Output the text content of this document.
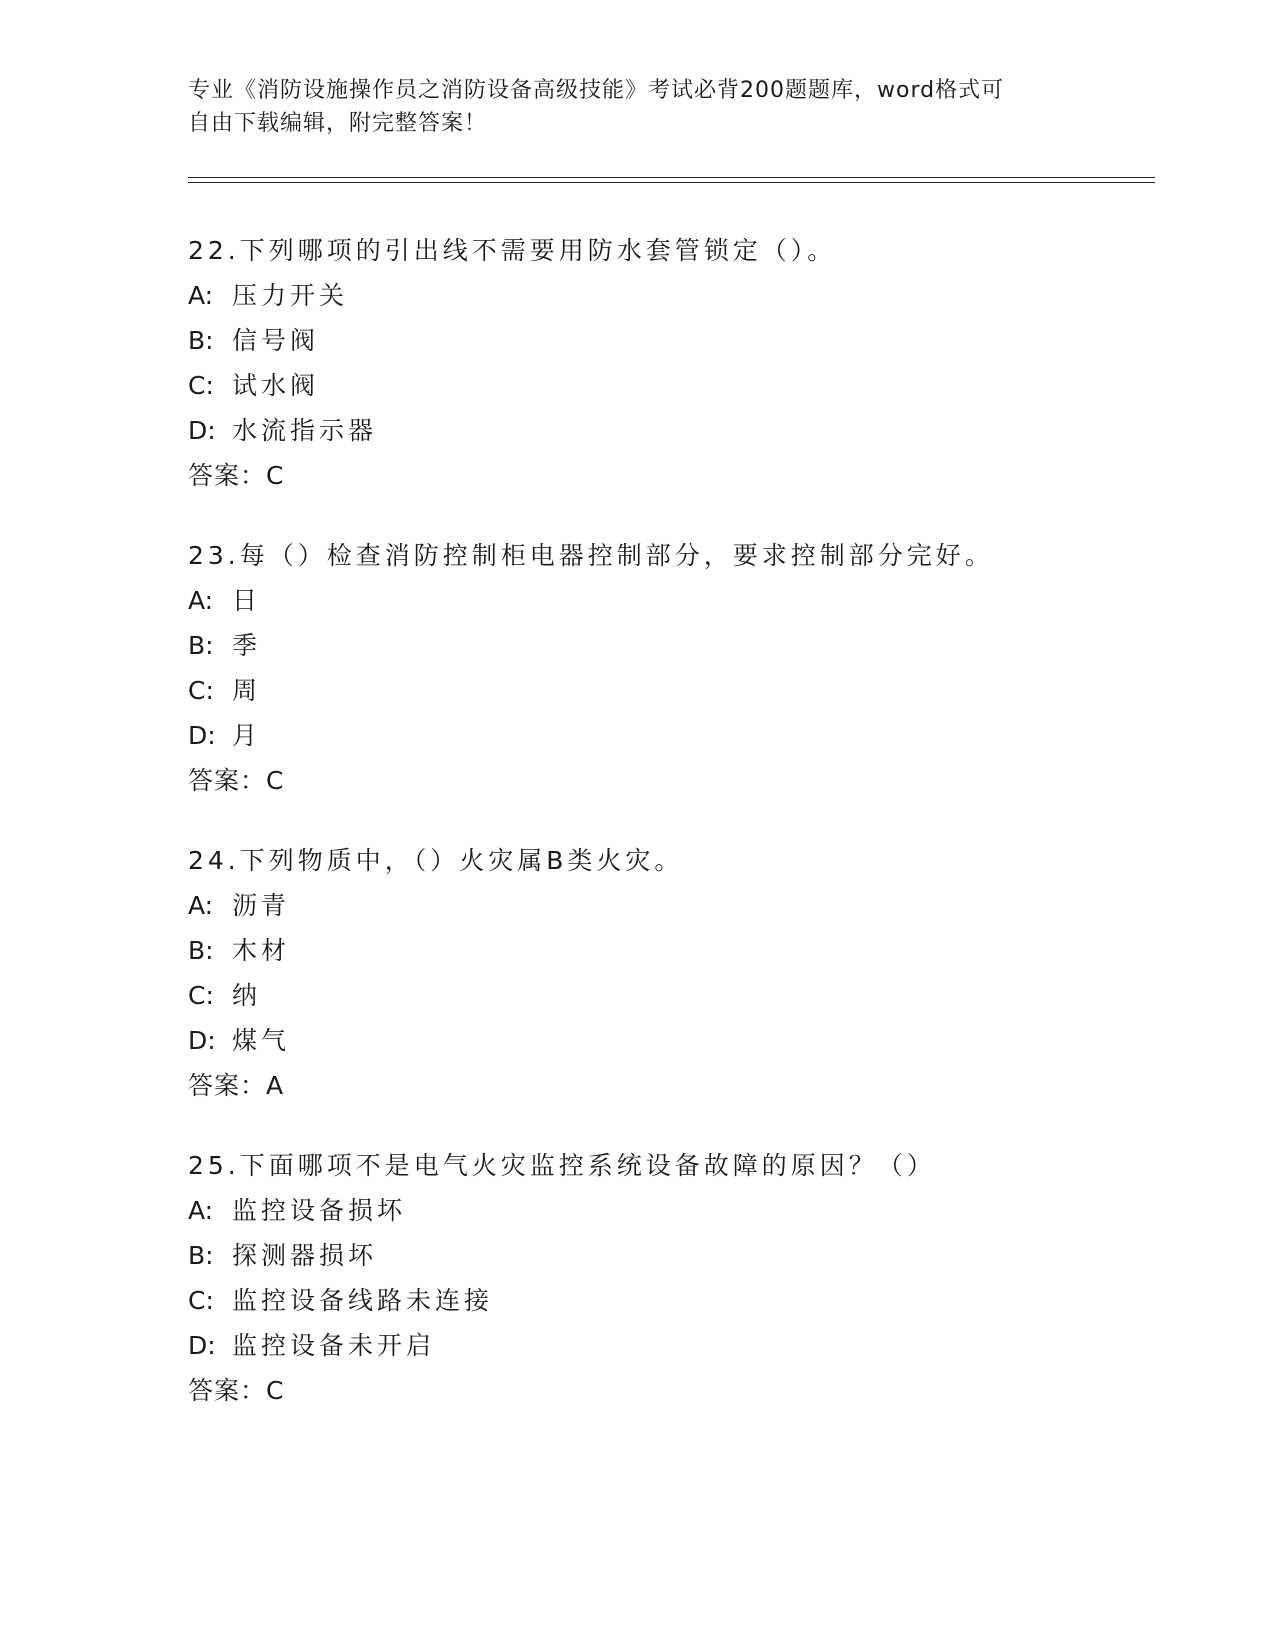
专业《消防设施操作员之消防设备高级技能》考试必背200题题库，word格式可
自由下载编辑，附完整答案！
22.下列哪项的引出线不需要用防水套管锁定（）。
A: 压力开关
B: 信号阀
C: 试水阀
D: 水流指示器
答案：C
23.每（）检查消防控制柜电器控制部分，要求控制部分完好。
A: 日
B: 季
C: 周
D: 月
答案：C
24.下列物质中，（）火灾属B类火灾。
A: 沥青
B: 木材
C: 纳
D: 煤气
答案：A
25.下面哪项不是电气火灾监控系统设备故障的原因？（）
A: 监控设备损坏
B: 探测器损坏
C: 监控设备线路未连接
D: 监控设备未开启
答案：C
